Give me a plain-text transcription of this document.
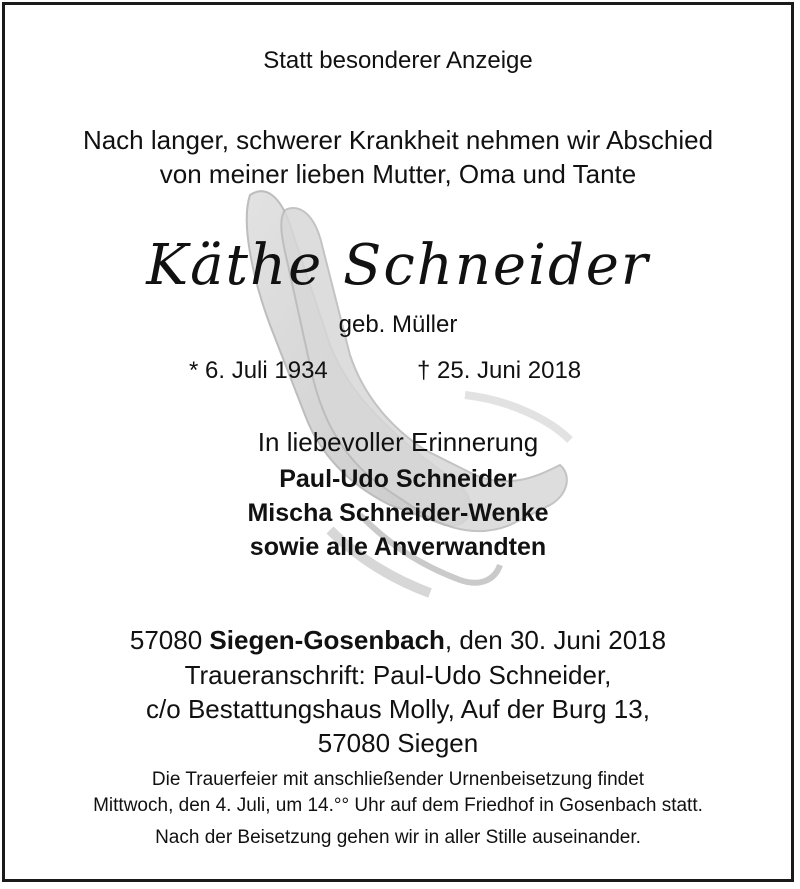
Statt besonderer Anzeige
Nach langer, schwerer Krankheit nehmen wir Abschied
von meiner lieben Mutter, Oma und Tante
Käthe Schneider
geb. Müller
* 6. Juli 1934	† 25. Juni 2018
In liebevoller Erinnerung
Paul-Udo Schneider
Mischa Schneider-Wenke
sowie alle Anverwandten
57080 Siegen-Gosenbach, den 30. Juni 2018
Traueranschrift: Paul-Udo Schneider,
c/o Bestattungshaus Molly, Auf der Burg 13,
57080 Siegen
Die Trauerfeier mit anschließender Urnenbeisetzung findet
Mittwoch, den 4. Juli, um 14.°° Uhr auf dem Friedhof in Gosenbach statt.
Nach der Beisetzung gehen wir in aller Stille auseinander.
